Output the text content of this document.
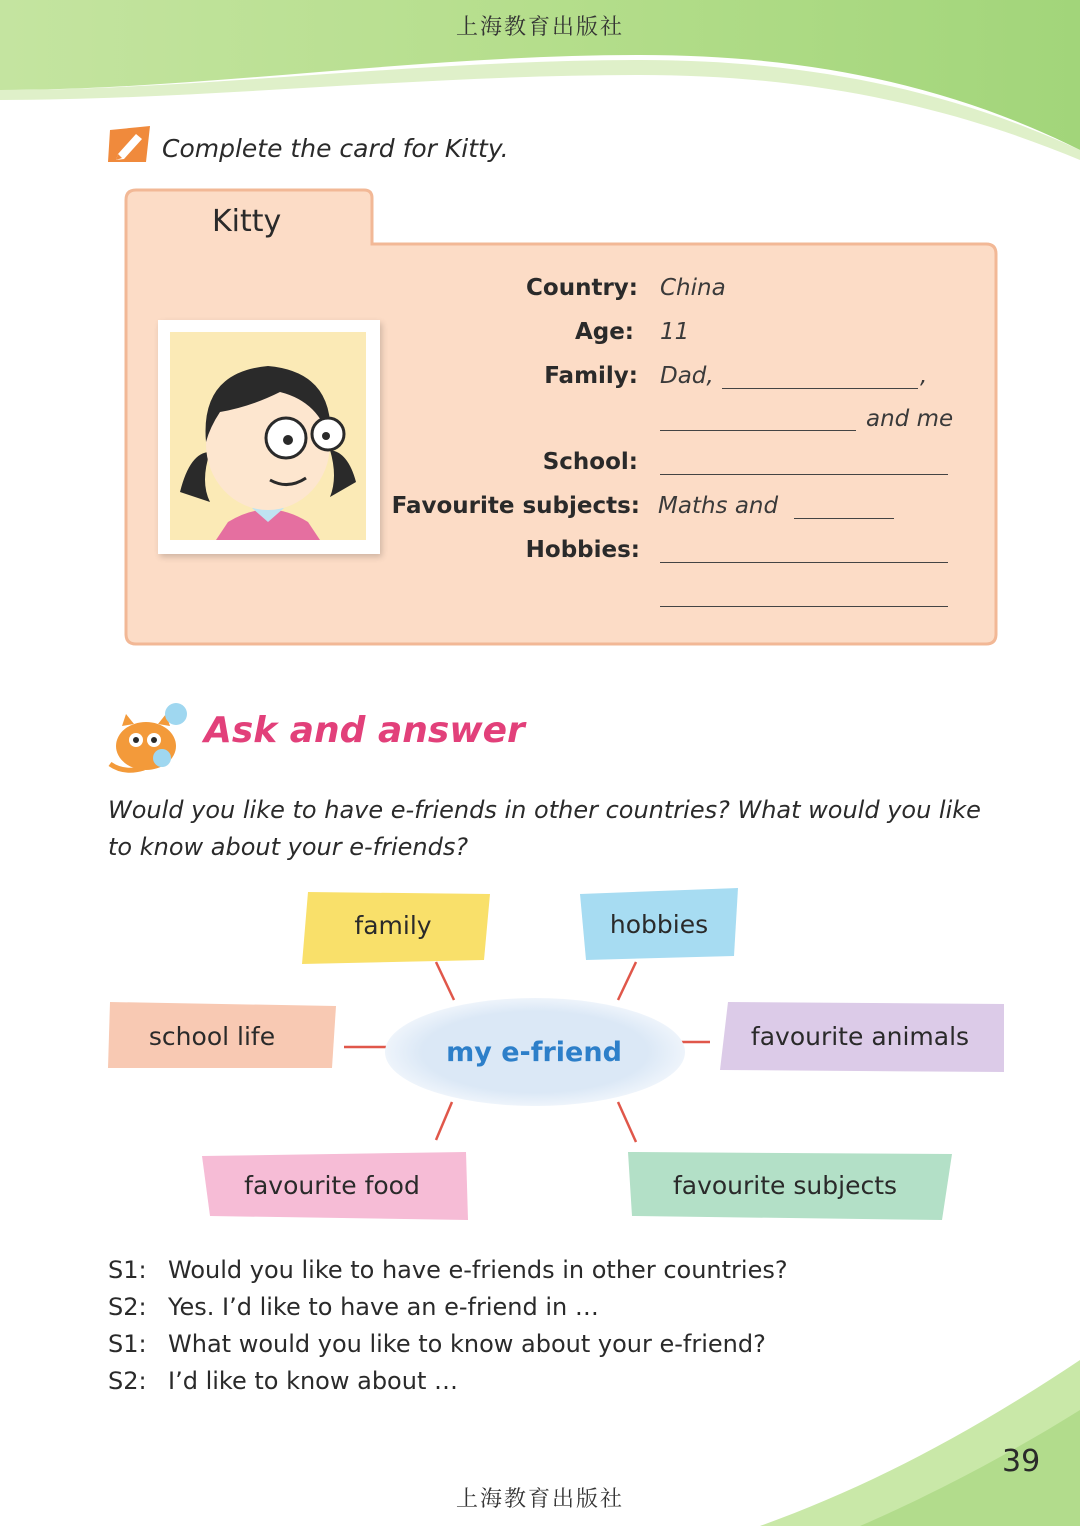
上海教育出版社
Complete the card for Kitty.
Kitty
Country: China
Age: 11
Family: Dad,	,
and me
School:
Favourite subjects: Maths and
Hobbies:
Ask and answer
Would you like to have e-friends in other countries? What would you like to know about your e-friends?
my e-friend
family	hobbies
school life	favourite animals
favourite food	favourite subjects
S1: Would you like to have e-friends in other countries?
S2: Yes. I’d like to have an e-friend in …
S1: What would you like to know about your e-friend?
S2: I’d like to know about …
39
上海教育出版社
